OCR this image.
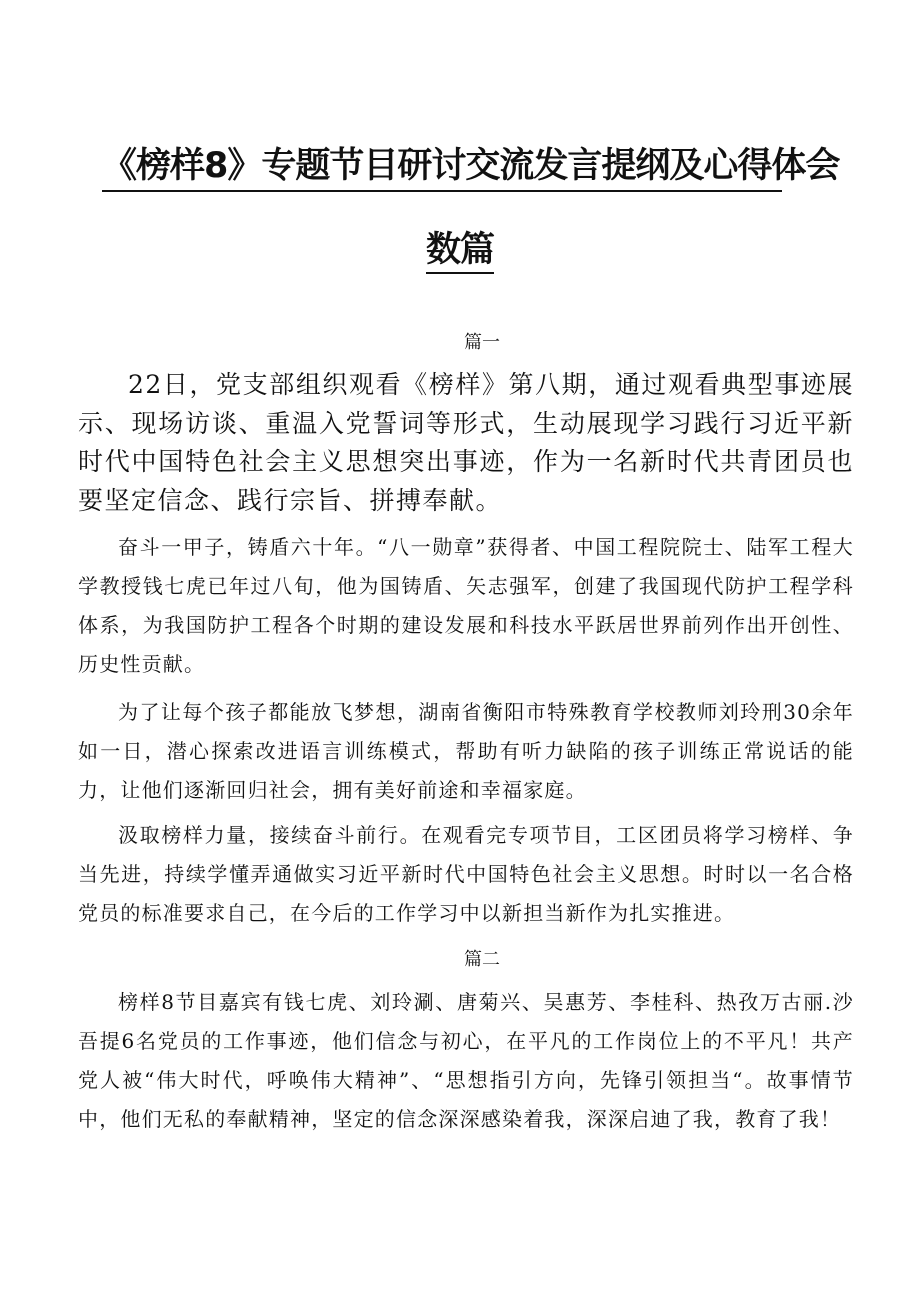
《榜样8》专题节目研讨交流发言提纲及心得体会
数篇
篇一

22日，党支部组织观看《榜样》第八期，通过观看典型事迹展示、现场访谈、重温入党誓词等形式，生动展现学习践行习近平新时代中国特色社会主义思想突出事迹，作为一名新时代共青团员也要坚定信念、践行宗旨、拼搏奉献。

奋斗一甲子，铸盾六十年。“八一勋章”获得者、中国工程院院士、陆军工程大学教授钱七虎已年过八旬，他为国铸盾、矢志强军，创建了我国现代防护工程学科体系，为我国防护工程各个时期的建设发展和科技水平跃居世界前列作出开创性、历史性贡献。

为了让每个孩子都能放飞梦想，湖南省衡阳市特殊教育学校教师刘玲刑30余年如一日，潜心探索改进语言训练模式，帮助有听力缺陷的孩子训练正常说话的能力，让他们逐渐回归社会，拥有美好前途和幸福家庭。

汲取榜样力量，接续奋斗前行。在观看完专项节目，工区团员将学习榜样、争当先进，持续学懂弄通做实习近平新时代中国特色社会主义思想。时时以一名合格党员的标准要求自己，在今后的工作学习中以新担当新作为扎实推进。

篇二

榜样8节目嘉宾有钱七虎、刘玲涮、唐菊兴、吴惠芳、李桂科、热孜万古丽.沙吾提6名党员的工作事迹，他们信念与初心，在平凡的工作岗位上的不平凡！共产党人被“伟大时代，呼唤伟大精神”、“思想指引方向，先锋引领担当“。故事情节中，他们无私的奉献精神，坚定的信念深深感染着我，深深启迪了我，教育了我！
